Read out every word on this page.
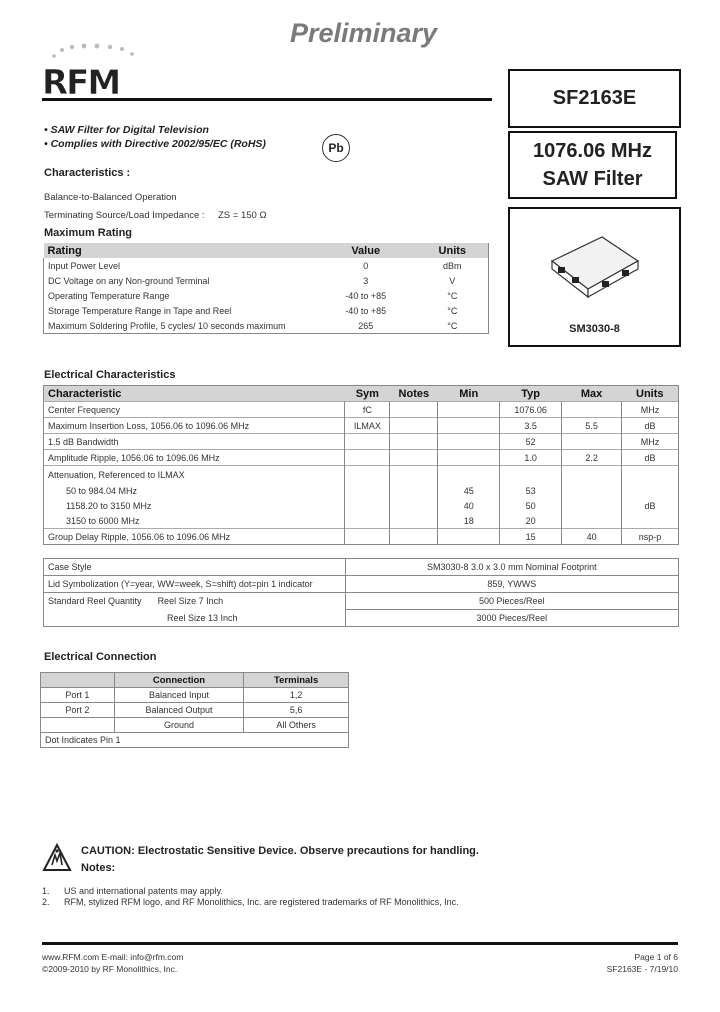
Preliminary
RFM	SF2163E
1076.06 MHz
SAW Filter
SM3030-8
• SAW Filter for Digital Television
• Complies with Directive 2002/95/EC (RoHS)	Pb
Characteristics :
Balance-to-Balanced Operation
Terminating Source/Load Impedance : ZS = 150 Ω
Maximum Rating
Rating	Value	Units
Input Power Level	0	dBm
DC Voltage on any Non-ground Terminal	3	V
Operating Temperature Range	-40 to +85	°C
Storage Temperature Range in Tape and Reel	-40 to +85	°C
Maximum Soldering Profile, 5 cycles/ 10 seconds maximum	265	°C
Electrical Characteristics
Characteristic	Sym	Notes	Min	Typ	Max	Units
Center Frequency	fC			1076.06		MHz
Maximum Insertion Loss, 1056.06 to 1096.06 MHz	ILMAX			3.5	5.5	dB
1.5 dB Bandwidth				52		MHz
Amplitude Ripple, 1056.06 to 1096.06 MHz				1.0	2.2	dB
Attenuation, Referenced to ILMAX						
50 to 984.04 MHz			45	53		
1158.20 to 3150 MHz			40	50		dB
3150 to 6000 MHz			18	20		
Group Delay Ripple, 1056.06 to 1096.06 MHz				15	40	nsp-p
Case Style	SM3030-8 3.0 x 3.0 mm Nominal Footprint
Lid Symbolization (Y=year, WW=week, S=shift) dot=pin 1 indicator	859, YWWS
Standard Reel Quantity Reel Size 7 Inch	500 Pieces/Reel
Reel Size 13 Inch	3000 Pieces/Reel
Electrical Connection
	Connection	Terminals
Port 1	Balanced Input	1,2
Port 2	Balanced Output	5,6
	Ground	All Others
Dot Indicates Pin 1		
CAUTION: Electrostatic Sensitive Device. Observe precautions for handling.
Notes:
1. US and international patents may apply.
2. RFM, stylized RFM logo, and RF Monolithics, Inc. are registered trademarks of RF Monolithics, Inc.
www.RFM.com E-mail: info@rfm.com
©2009-2010 by RF Monolithics, Inc.
Page 1 of 6
SF2163E - 7/19/10
